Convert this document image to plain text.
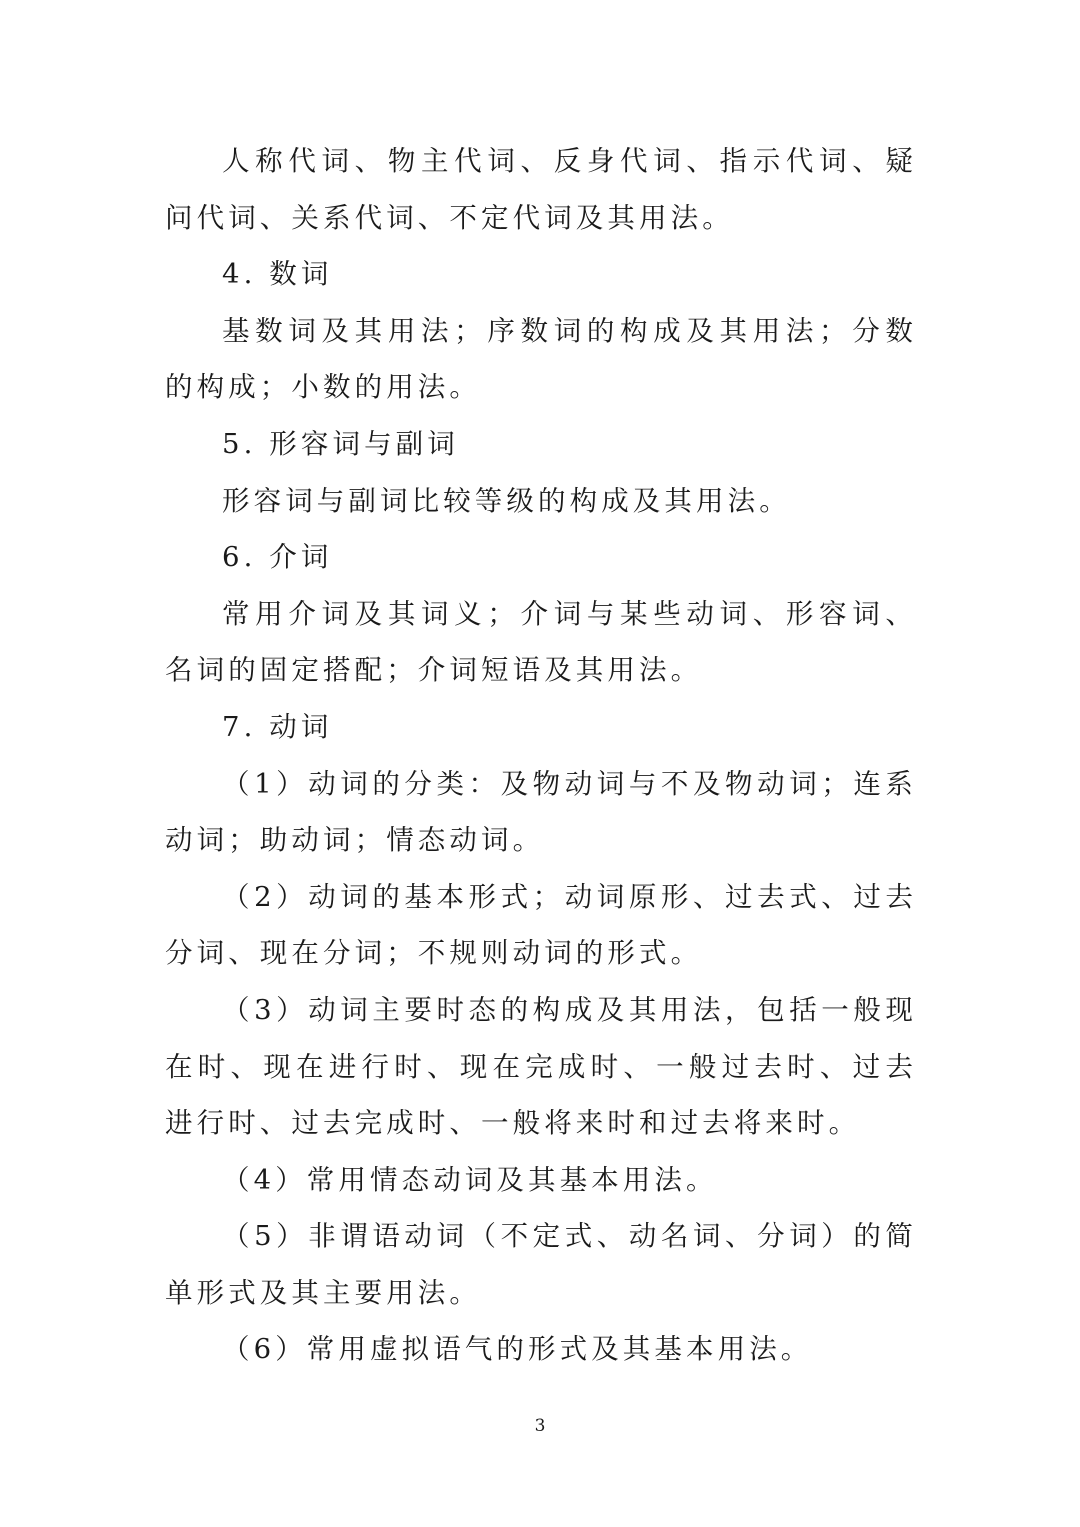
人称代词、物主代词、反身代词、指示代词、疑问代词、关系代词、不定代词及其用法。

4. 数词

基数词及其用法；序数词的构成及其用法；分数的构成；小数的用法。

5. 形容词与副词

形容词与副词比较等级的构成及其用法。

6. 介词

常用介词及其词义；介词与某些动词、形容词、名词的固定搭配；介词短语及其用法。

7. 动词

（1）动词的分类：及物动词与不及物动词；连系动词；助动词；情态动词。

（2）动词的基本形式；动词原形、过去式、过去分词、现在分词；不规则动词的形式。

（3）动词主要时态的构成及其用法，包括一般现在时、现在进行时、现在完成时、一般过去时、过去进行时、过去完成时、一般将来时和过去将来时。

（4）常用情态动词及其基本用法。

（5）非谓语动词（不定式、动名词、分词）的简单形式及其主要用法。

（6）常用虚拟语气的形式及其基本用法。

3
